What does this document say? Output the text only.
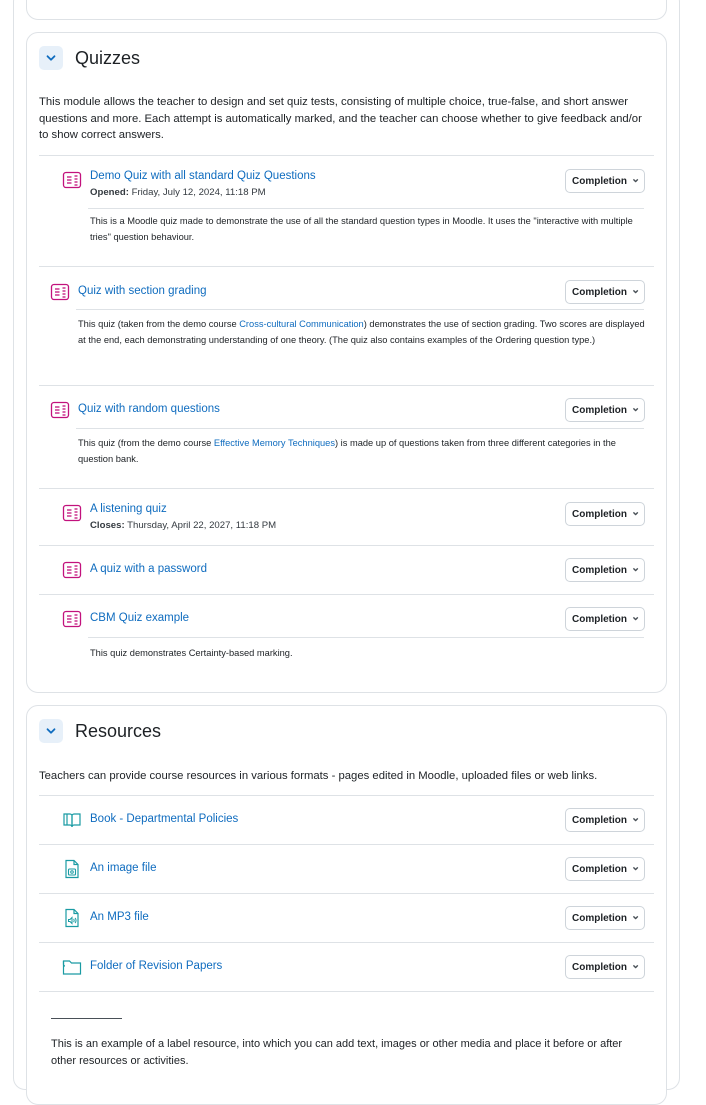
Quizzes
This module allows the teacher to design and set quiz tests, consisting of multiple choice, true-false, and short answer questions and more. Each attempt is automatically marked, and the teacher can choose whether to give feedback and/or to show correct answers.
Demo Quiz with all standard Quiz Questions
Opened: Friday, July 12, 2024, 11:18 PM
Completion ⌄
This is a Moodle quiz made to demonstrate the use of all the standard question types in Moodle. It uses the "interactive with multiple tries" question behaviour.
Quiz with section grading	Completion ⌄
This quiz (taken from the demo course Cross-cultural Communication) demonstrates the use of section grading. Two scores are displayed at the end, each demonstrating understanding of one theory. (The quiz also contains examples of the Ordering question type.)
Quiz with random questions	Completion ⌄
This quiz (from the demo course Effective Memory Techniques) is made up of questions taken from three different categories in the question bank.
A listening quiz
Closes: Thursday, April 22, 2027, 11:18 PM
Completion ⌄
A quiz with a password	Completion ⌄
CBM Quiz example	Completion ⌄
This quiz demonstrates Certainty-based marking.
Resources
Teachers can provide course resources in various formats - pages edited in Moodle, uploaded files or web links.
Book - Departmental Policies	Completion ⌄
An image file	Completion ⌄
An MP3 file	Completion ⌄
Folder of Revision Papers	Completion ⌄
This is an example of a label resource, into which you can add text, images or other media and place it before or after other resources or activities.
